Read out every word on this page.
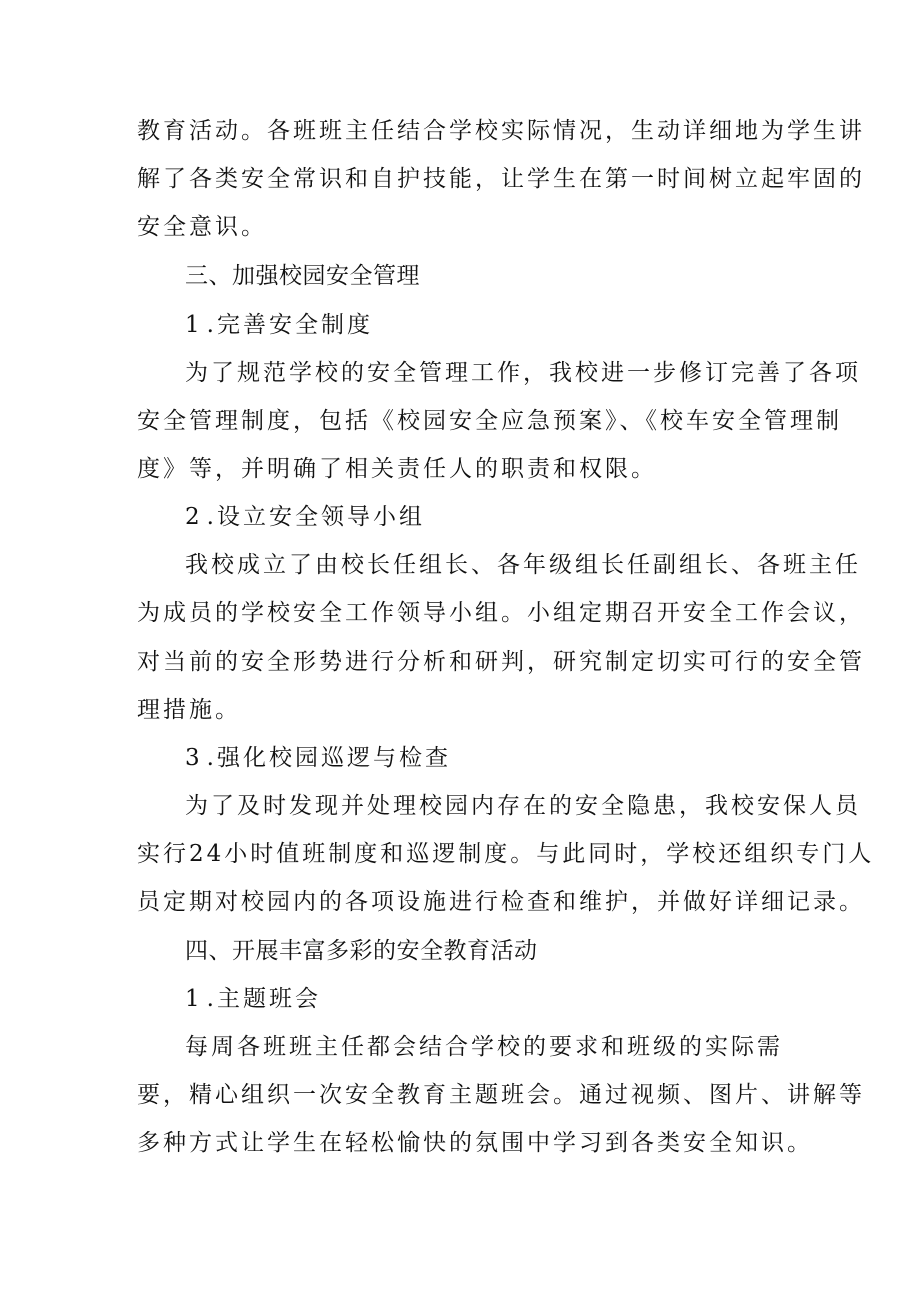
教育活动。各班班主任结合学校实际情况，生动详细地为学生讲
解了各类安全常识和自护技能，让学生在第一时间树立起牢固的
安全意识。
三、加强校园安全管理
1 .完善安全制度
为了规范学校的安全管理工作，我校进一步修订完善了各项
安全管理制度，包括《校园安全应急预案》、《校车安全管理制
度》等，并明确了相关责任人的职责和权限。
2 .设立安全领导小组
我校成立了由校长任组长、各年级组长任副组长、各班主任
为成员的学校安全工作领导小组。小组定期召开安全工作会议，
对当前的安全形势进行分析和研判，研究制定切实可行的安全管
理措施。
3 .强化校园巡逻与检查
为了及时发现并处理校园内存在的安全隐患，我校安保人员
实行24小时值班制度和巡逻制度。与此同时，学校还组织专门人
员定期对校园内的各项设施进行检查和维护，并做好详细记录。
四、开展丰富多彩的安全教育活动
1 .主题班会
每周各班班主任都会结合学校的要求和班级的实际需
要，精心组织一次安全教育主题班会。通过视频、图片、讲解等
多种方式让学生在轻松愉快的氛围中学习到各类安全知识。
